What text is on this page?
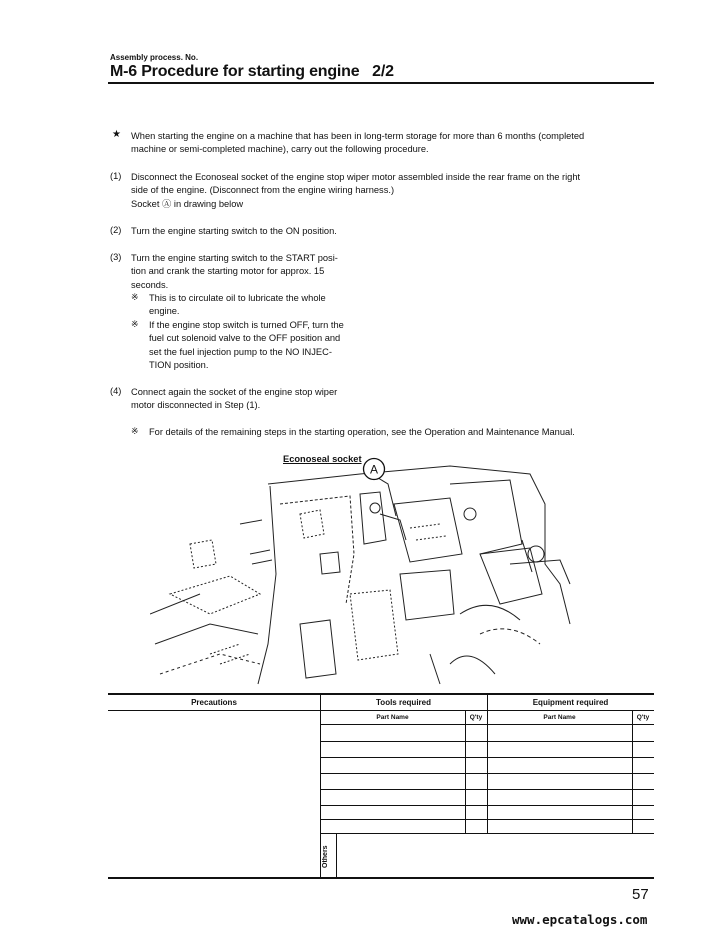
Assembly process. No.
M-6 Procedure for starting engine   2/2
★ When starting the engine on a machine that has been in long-term storage for more than 6 months (completed
machine or semi-completed machine), carry out the following procedure.
(1) Disconnect the Econoseal socket of the engine stop wiper motor assembled inside the rear frame on the right
side of the engine. (Disconnect from the engine wiring harness.)
Socket Ⓐ in drawing below
(2) Turn the engine starting switch to the ON position.
(3) Turn the engine starting switch to the START posi-
tion and crank the starting motor for approx. 15
seconds.
※ This is to circulate oil to lubricate the whole
engine.
※ If the engine stop switch is turned OFF, turn the
fuel cut solenoid valve to the OFF position and
set the fuel injection pump to the NO INJEC-
TION position.
(4) Connect again the socket of the engine stop wiper
motor disconnected in Step (1).
※ For details of the remaining steps in the starting operation, see the Operation and Maintenance Manual.
Econoseal socket
A
Precautions	Tools required	Equipment required
Part Name	Q'ty	Part Name	Q'ty
Others
57
www.epcatalogs.com
